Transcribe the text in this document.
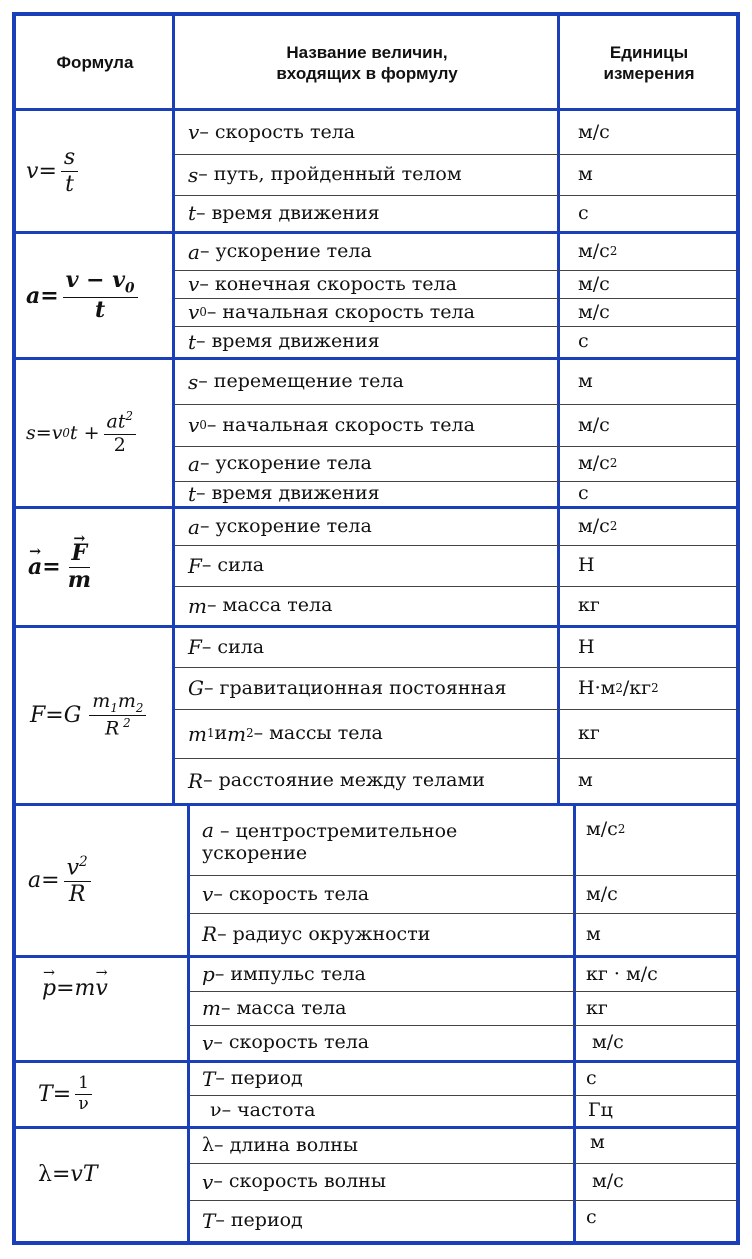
Формула
Название величин,
входящих в формулу
Единицы
измерения
$v = \frac{s}{t}$
$a = \frac{v - v_0}{t}$
s = v 0 $t + \frac{at^2}{2}$
→ a = → $\frac{F}{m}$
F = G $\frac{m_1m_2}{R ^2}$
$a = \frac{v^2}{R}$
→ p = m → v
$T = \frac{1}{\nu}$
λ = vT
v – скорость тела
s – путь, пройденный телом
t – время движения
a – ускорение тела
v – конечная скорость тела
v 0 – начальная скорость тела
t – время движения
s – перемещение тела
v 0 – начальная скорость тела
a – ускорение тела
t – время движения
a – ускорение тела
F – сила
m – масса тела
F – сила
G – гравитационная постоянная
m 1 и m 2 – массы тела
R – расстояние между телами
a – центростремительное
ускорение
v – скорость тела
R – радиус окружности
p – импульс тела
m – масса тела
v – скорость тела
T – период
ν – частота
λ – длина волны
v – скорость волны
T – период
м/с
м
с
м/с 2
м/с
м/с
с
м
м/с
м/с 2
с
м/с 2
Н
кг
Н
Н·м 2 /кг 2
кг
м
м/с 2
м/с
м
кг · м/с
кг
м/с
с
Гц
м
м/с
с
